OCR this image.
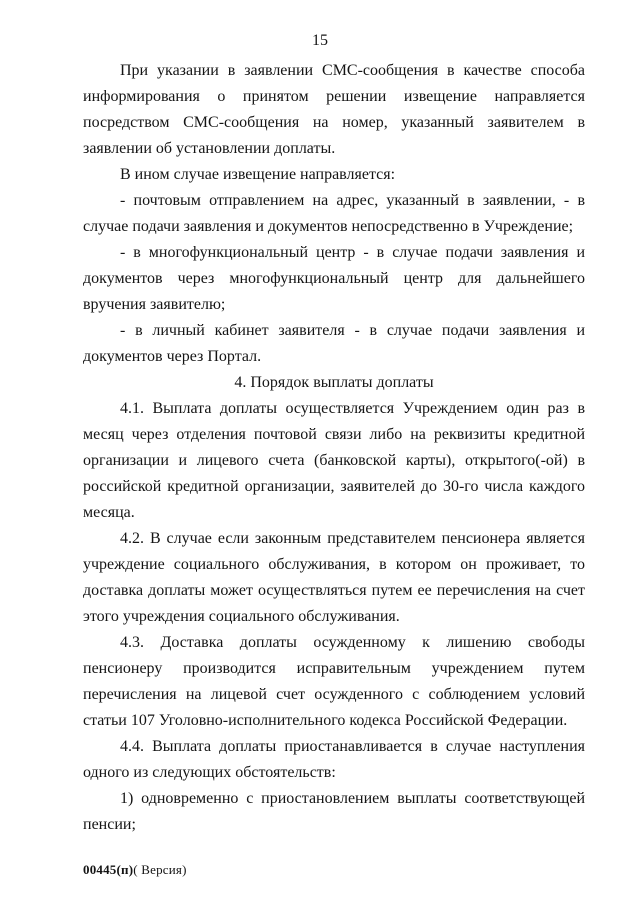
15

При указании в заявлении СМС-сообщения в качестве способа информирования о принятом решении извещение направляется посредством СМС-сообщения на номер, указанный заявителем в заявлении об установлении доплаты.

В ином случае извещение направляется:

- почтовым отправлением на адрес, указанный в заявлении, - в случае подачи заявления и документов непосредственно в Учреждение;

- в многофункциональный центр - в случае подачи заявления и документов через многофункциональный центр для дальнейшего вручения заявителю;

- в личный кабинет заявителя - в случае подачи заявления и документов через Портал.

4. Порядок выплаты доплаты

4.1. Выплата доплаты осуществляется Учреждением один раз в месяц через отделения почтовой связи либо на реквизиты кредитной организации и лицевого счета (банковской карты), открытого(-ой) в российской кредитной организации, заявителей до 30-го числа каждого месяца.

4.2. В случае если законным представителем пенсионера является учреждение социального обслуживания, в котором он проживает, то доставка доплаты может осуществляться путем ее перечисления на счет этого учреждения социального обслуживания.

4.3. Доставка доплаты осужденному к лишению свободы пенсионеру производится исправительным учреждением путем перечисления на лицевой счет осужденного с соблюдением условий статьи 107 Уголовно-исполнительного кодекса Российской Федерации.

4.4. Выплата доплаты приостанавливается в случае наступления одного из следующих обстоятельств:

1) одновременно с приостановлением выплаты соответствующей пенсии;

00445(п)( Версия)
